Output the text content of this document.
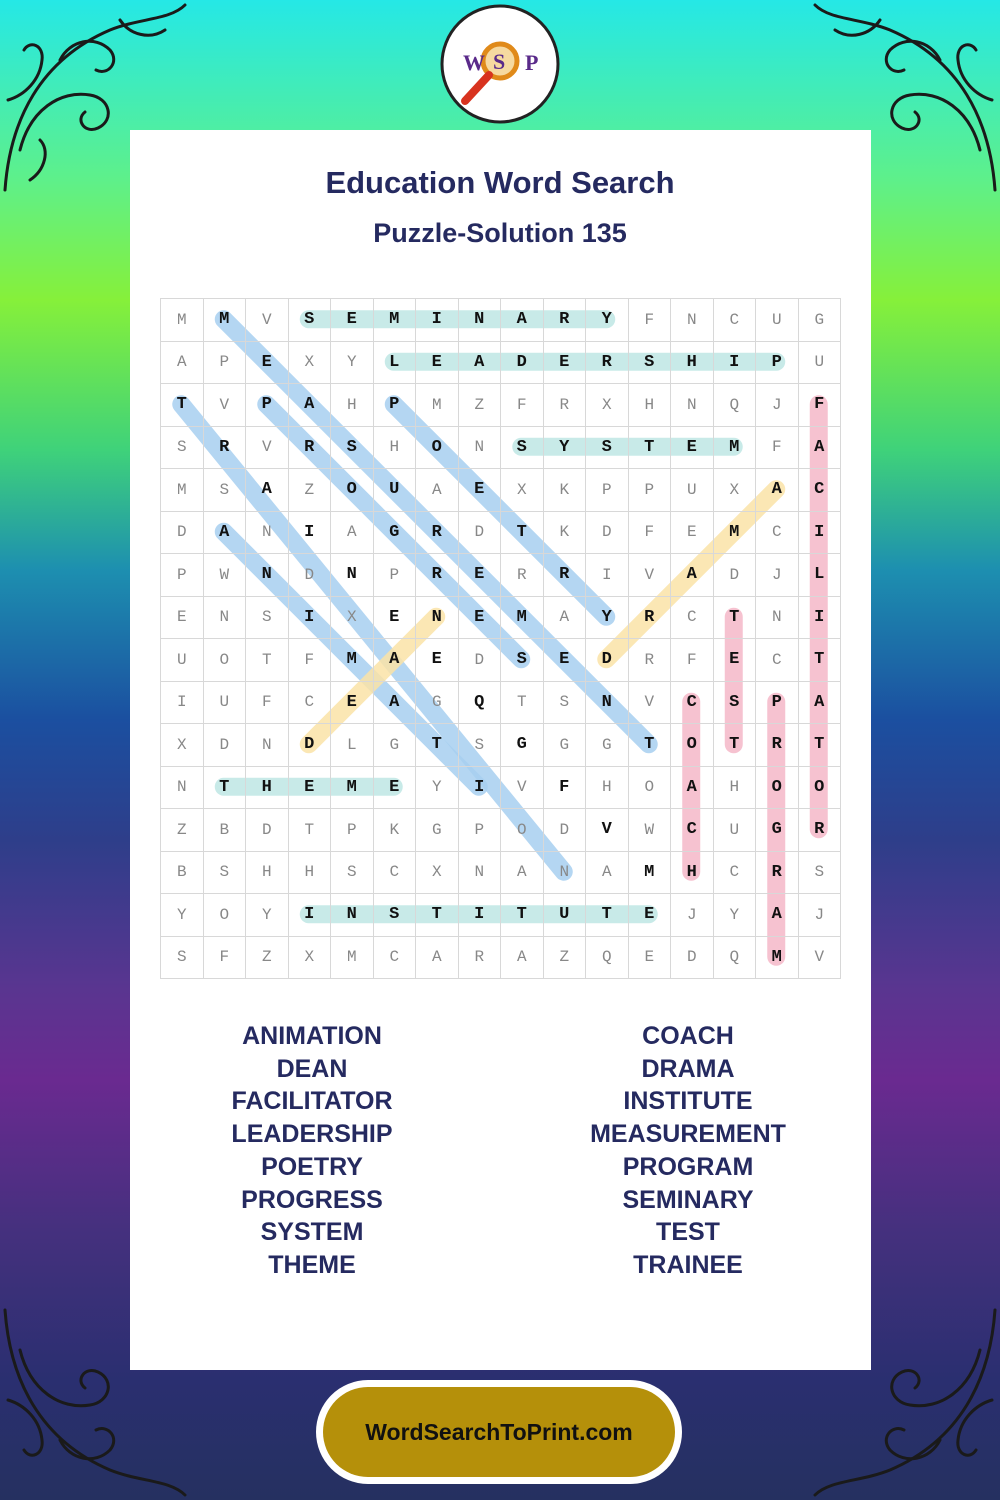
W S P
Education Word Search
Puzzle-Solution 135
M	M	V	S	E	M	I	N	A	R	Y	F	N	C	U	G
A	P	E	X	Y	L	E	A	D	E	R	S	H	I	P	U
T	V	P	A	H	P	M	Z	F	R	X	H	N	Q	J	F
S	R	V	R	S	H	O	N	S	Y	S	T	E	M	F	A
M	S	A	Z	O	U	A	E	X	K	P	P	U	X	A	C
D	A	N	I	A	G	R	D	T	K	D	F	E	M	C	I
P	W	N	D	N	P	R	E	R	R	I	V	A	D	J	L
E	N	S	I	X	E	N	E	M	A	Y	R	C	T	N	I
U	O	T	F	M	A	E	D	S	E	D	R	F	E	C	T
I	U	F	C	E	A	G	Q	T	S	N	V	C	S	P	A
X	D	N	D	L	G	T	S	G	G	G	T	O	T	R	T
N	T	H	E	M	E	Y	I	V	F	H	O	A	H	O	O
Z	B	D	T	P	K	G	P	O	D	V	W	C	U	G	R
B	S	H	H	S	C	X	N	A	N	A	M	H	C	R	S
Y	O	Y	I	N	S	T	I	T	U	T	E	J	Y	A	J
S	F	Z	X	M	C	A	R	A	Z	Q	E	D	Q	M	V
ANIMATION
DEAN
FACILITATOR
LEADERSHIP
POETRY
PROGRESS
SYSTEM
THEME
COACH
DRAMA
INSTITUTE
MEASUREMENT
PROGRAM
SEMINARY
TEST
TRAINEE
WordSearchToPrint.com
